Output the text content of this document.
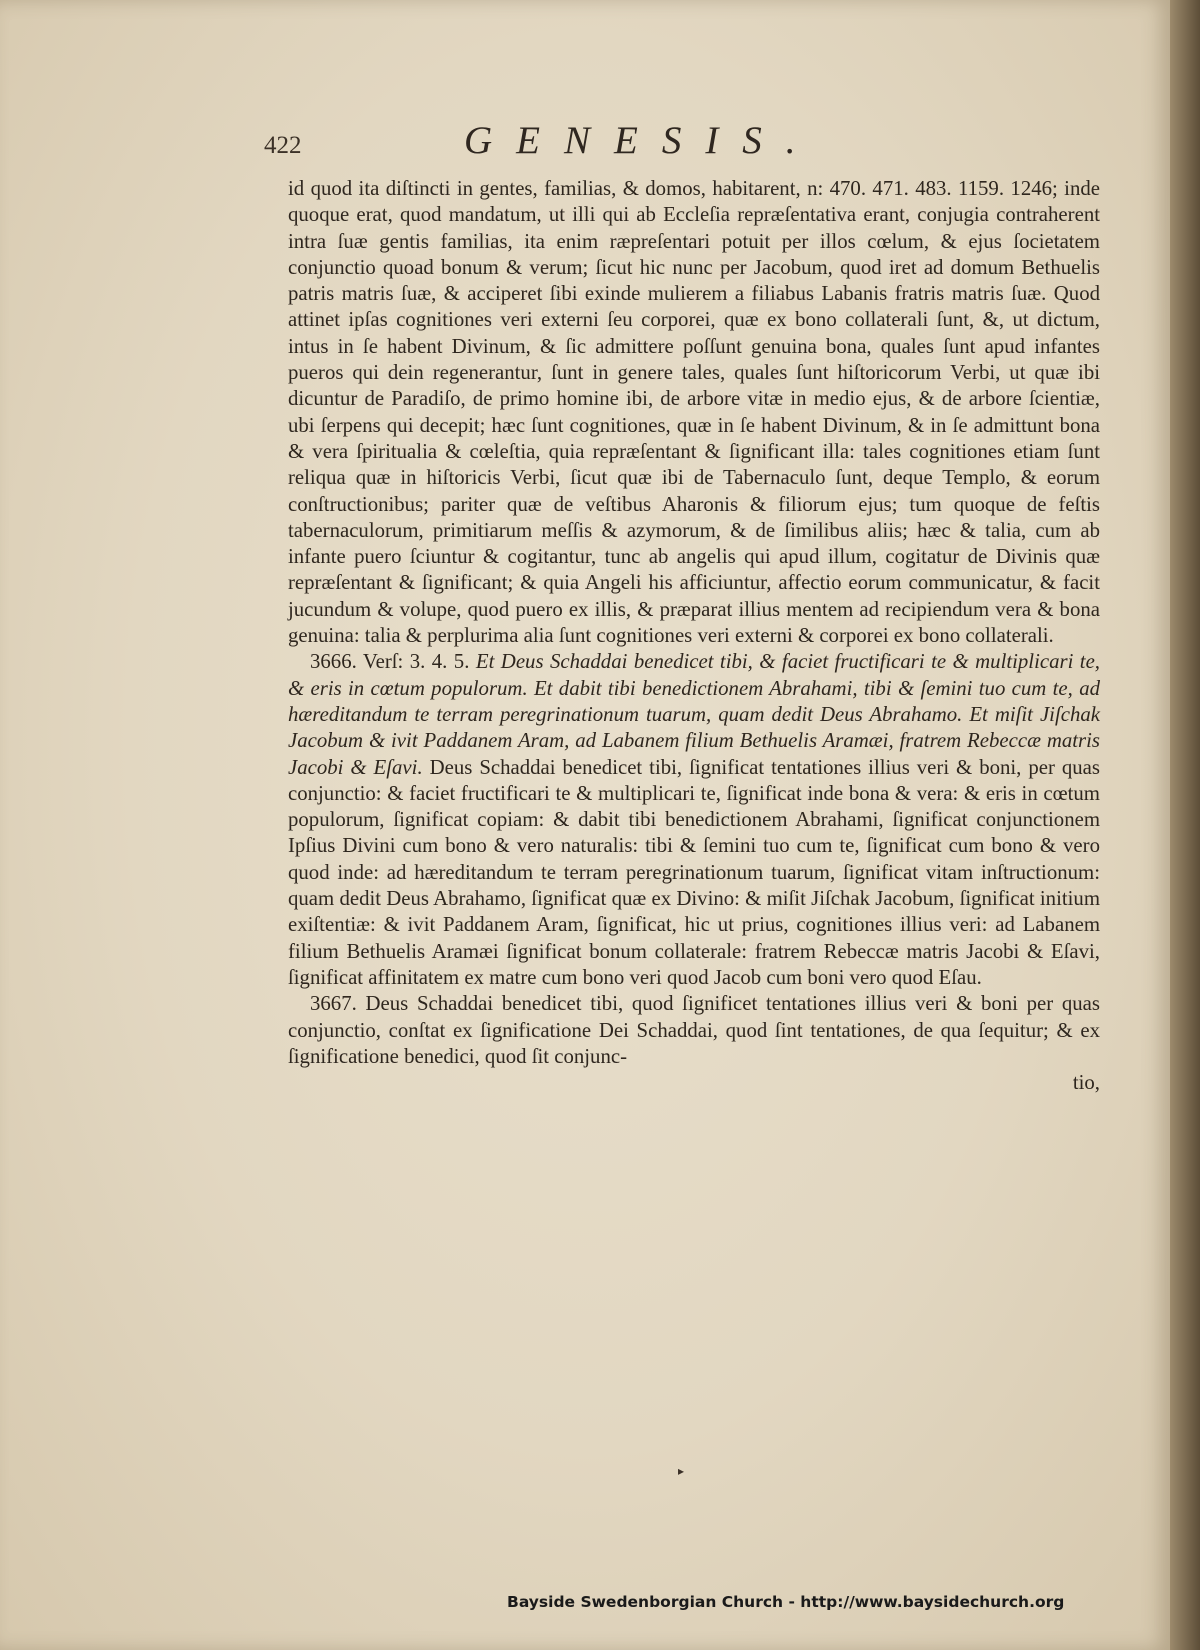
422	GENESIS.

id quod ita diſtincti in gentes, familias, & domos, habitarent, n: 470. 471. 483. 1159. 1246; inde quoque erat, quod mandatum, ut illi qui ab Eccleſia repræſentativa erant, conjugia contraherent intra ſuæ gentis familias, ita enim ræpreſentari potuit per illos cœlum, & ejus ſocietatem conjunctio quoad bonum & verum; ſicut hic nunc per Jacobum, quod iret ad domum Bethuelis patris matris ſuæ, & acciperet ſibi exinde mulierem a filiabus Labanis fratris matris ſuæ. Quod attinet ipſas cognitiones veri externi ſeu corporei, quæ ex bono collaterali ſunt, &, ut dictum, intus in ſe habent Divinum, & ſic admittere poſſunt genuina bona, quales ſunt apud infantes pueros qui dein regenerantur, ſunt in genere tales, quales ſunt hiſtoricorum Verbi, ut quæ ibi dicuntur de Paradiſo, de primo homine ibi, de arbore vitæ in medio ejus, & de arbore ſcientiæ, ubi ſerpens qui decepit; hæc ſunt cognitiones, quæ in ſe habent Divinum, & in ſe admittunt bona & vera ſpiritualia & cœleſtia, quia repræſentant & ſignificant illa: tales cognitiones etiam ſunt reliqua quæ in hiſtoricis Verbi, ſicut quæ ibi de Tabernaculo ſunt, deque Templo, & eorum conſtructionibus; pariter quæ de veſtibus Aharonis & filiorum ejus; tum quoque de feſtis tabernaculorum, primitiarum meſſis & azymorum, & de ſimilibus aliis; hæc & talia, cum ab infante puero ſciuntur & cogitantur, tunc ab angelis qui apud illum, cogitatur de Divinis quæ repræſentant & ſignificant; & quia Angeli his afficiuntur, affectio eorum communicatur, & facit jucundum & volupe, quod puero ex illis, & præparat illius mentem ad recipiendum vera & bona genuina: talia & perplurima alia ſunt cognitiones veri externi & corporei ex bono collaterali.

3666. Verſ: 3. 4. 5. Et Deus Schaddai benedicet tibi, & faciet fructificari te & multiplicari te, & eris in cœtum populorum. Et dabit tibi benedictionem Abrahami, tibi & ſemini tuo cum te, ad hæreditandum te terram peregrinationum tuarum, quam dedit Deus Abrahamo. Et miſit Jiſchak Jacobum & ivit Paddanem Aram, ad Labanem filium Bethuelis Aramæi, fratrem Rebeccæ matris Jacobi & Eſavi. Deus Schaddai benedicet tibi, ſignificat tentationes illius veri & boni, per quas conjunctio: & faciet fructificari te & multiplicari te, ſignificat inde bona & vera: & eris in cœtum populorum, ſignificat copiam: & dabit tibi benedictionem Abrahami, ſignificat conjunctionem Ipſius Divini cum bono & vero naturalis: tibi & ſemini tuo cum te, ſignificat cum bono & vero quod inde: ad hæreditandum te terram peregrinationum tuarum, ſignificat vitam inſtructionum: quam dedit Deus Abrahamo, ſignificat quæ ex Divino: & miſit Jiſchak Jacobum, ſignificat initium exiſtentiæ: & ivit Paddanem Aram, ſignificat, hic ut prius, cognitiones illius veri: ad Labanem filium Bethuelis Aramæi ſignificat bonum collaterale: fratrem Rebeccæ matris Jacobi & Eſavi, ſignificat affinitatem ex matre cum bono veri quod Jacob cum boni vero quod Eſau.

3667. Deus Schaddai benedicet tibi, quod ſignificet tentationes illius veri & boni per quas conjunctio, conſtat ex ſignificatione Dei Schaddai, quod ſint tentationes, de qua ſequitur; & ex ſignificatione benedici, quod ſit conjunc-

tio,

▸
Bayside Swedenborgian Church - http://www.baysidechurch.org
